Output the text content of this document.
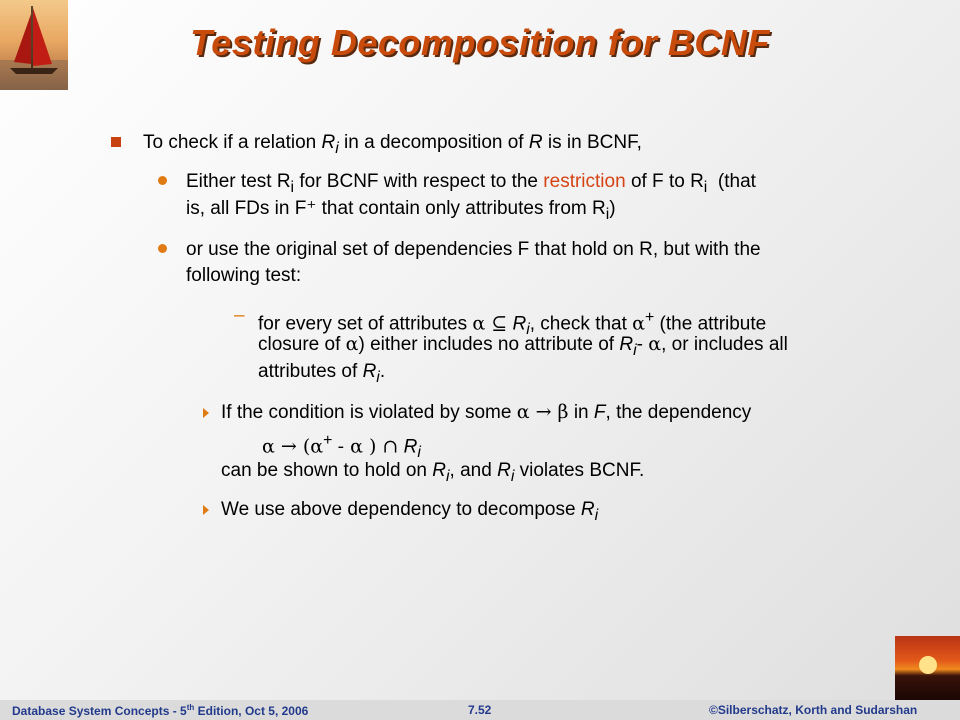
Testing Decomposition for BCNF
To check if a relation $R_i$ in a decomposition of R is in BCNF,
Either test $R_i$ for BCNF with respect to the restriction of F to $R_i$ (that
is, all FDs in F⁺ that contain only attributes from $R_i$)
or use the original set of dependencies F that hold on R, but with the
following test:
– for every set of attributes α ⊆ $R_i$, check that α+ (the attribute
closure of α) either includes no attribute of $R_i-$ α, or includes all
attributes of $R_i$.
If the condition is violated by some α → β in F, the dependency
α → (α+ - α ) ∩ $R_i$
can be shown to hold on $R_i$, and $R_i$ violates BCNF.
We use above dependency to decompose $R_i$
Database System Concepts - 5th Edition, Oct 5, 2006	7.52	©Silberschatz, Korth and Sudarshan
